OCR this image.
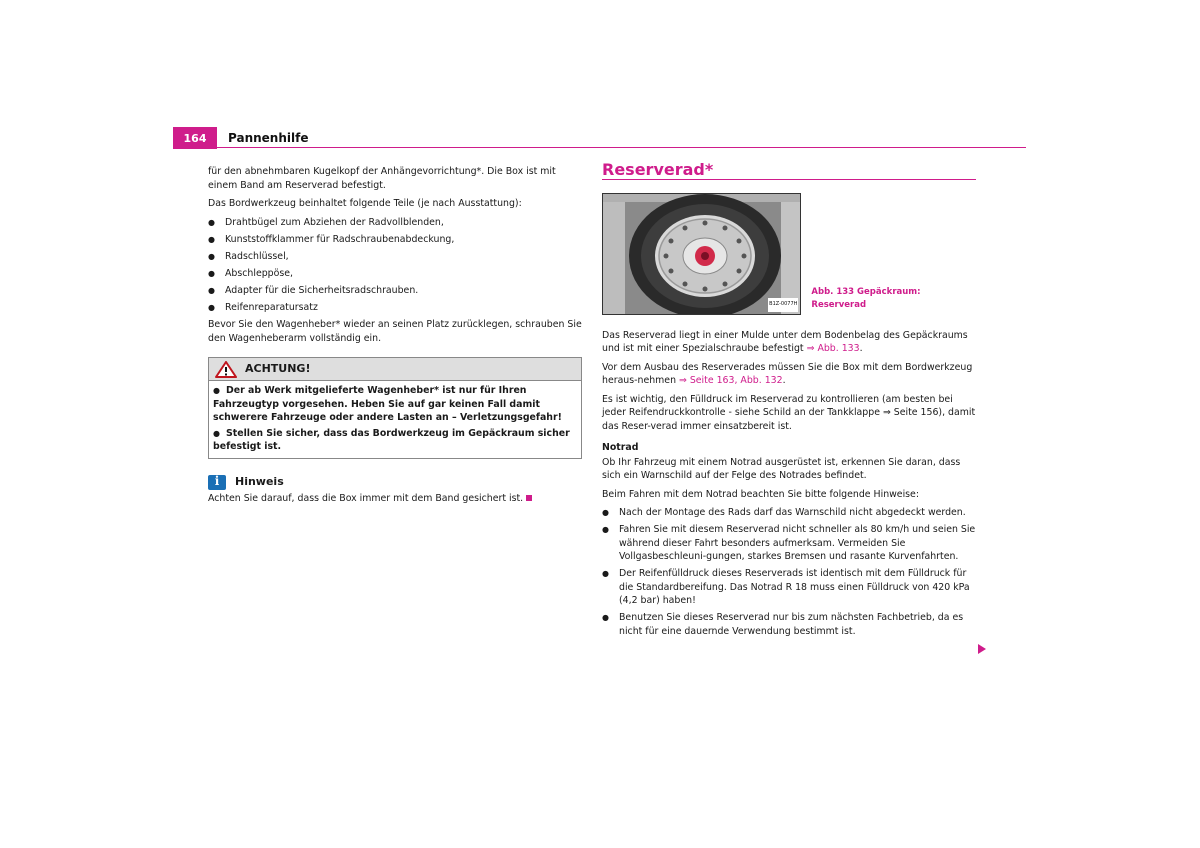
164	Pannenhilfe

für den abnehmbaren Kugelkopf der Anhängevorrichtung*. Die Box ist mit einem Band am Reserverad befestigt.

Das Bordwerkzeug beinhaltet folgende Teile (je nach Ausstattung):

● Drahtbügel zum Abziehen der Radvollblenden,
● Kunststoffklammer für Radschraubenabdeckung,
● Radschlüssel,
● Abschleppöse,
● Adapter für die Sicherheitsradschrauben.
● Reifenreparatursatz

Bevor Sie den Wagenheber* wieder an seinen Platz zurücklegen, schrauben Sie den Wagenheberarm vollständig ein.

ACHTUNG!

● Der ab Werk mitgelieferte Wagenheber* ist nur für Ihren Fahrzeugtyp vorgesehen. Heben Sie auf gar keinen Fall damit schwerere Fahrzeuge oder andere Lasten an – Verletzungsgefahr!

● Stellen Sie sicher, dass das Bordwerkzeug im Gepäckraum sicher befestigt ist.

i	Hinweis

Achten Sie darauf, dass die Box immer mit dem Band gesichert ist.

Reserverad*
B1Z-0077H
Abb. 133 Gepäckraum: Reserverad

Das Reserverad liegt in einer Mulde unter dem Bodenbelag des Gepäckraums und ist mit einer Spezialschraube befestigt ⇒ Abb. 133.

Vor dem Ausbau des Reserverades müssen Sie die Box mit dem Bordwerkzeug heraus-nehmen ⇒ Seite 163, Abb. 132.

Es ist wichtig, den Fülldruck im Reserverad zu kontrollieren (am besten bei jeder Reifendruckkontrolle - siehe Schild an der Tankklappe ⇒ Seite 156), damit das Reser-verad immer einsatzbereit ist.

Notrad

Ob Ihr Fahrzeug mit einem Notrad ausgerüstet ist, erkennen Sie daran, dass sich ein Warnschild auf der Felge des Notrades befindet.

Beim Fahren mit dem Notrad beachten Sie bitte folgende Hinweise:

● Nach der Montage des Rads darf das Warnschild nicht abgedeckt werden.
● Fahren Sie mit diesem Reserverad nicht schneller als 80 km/h und seien Sie während dieser Fahrt besonders aufmerksam. Vermeiden Sie Vollgasbeschleuni-gungen, starkes Bremsen und rasante Kurvenfahrten.
● Der Reifenfülldruck dieses Reserverads ist identisch mit dem Fülldruck für die Standardbereifung. Das Notrad R 18 muss einen Fülldruck von 420 kPa (4,2 bar) haben!
● Benutzen Sie dieses Reserverad nur bis zum nächsten Fachbetrieb, da es nicht für eine dauernde Verwendung bestimmt ist.
